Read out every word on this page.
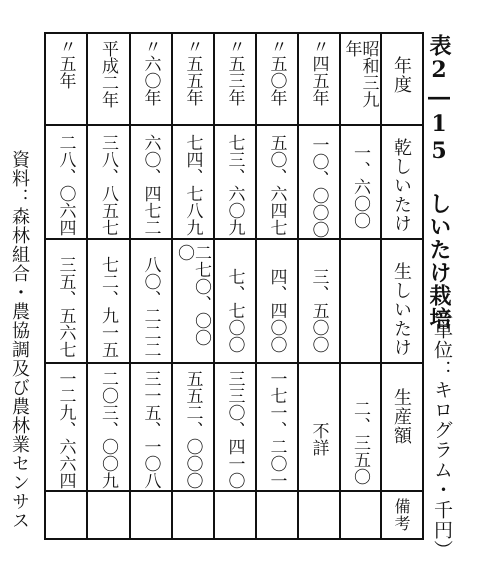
表2―15 しいたけ栽培
（単位：キログラム・千円）
資料：森林組合・農協調及び農林業センサス
年度
乾しいたけ
生しいたけ
生産額
備考
昭和三九年
一、六〇〇
二、三五〇
〃四五年
一〇、〇〇〇
三、五〇〇
不詳
〃五〇年
五〇、六四七
四、四〇〇
一七一、二〇一
〃五三年
七三、六〇九
七、七〇〇
三三〇、四一〇
〃五五年
七四、七八九
二七〇、〇〇〇
五五二、〇〇〇
〃六〇年
六〇、四七二
八〇、二二二
三一五、一〇八
平成二年
三八、八五七
七二、九一五
二〇三、〇〇九
〃五年
二八、〇六四
三五、五六七
一二九、六六四
